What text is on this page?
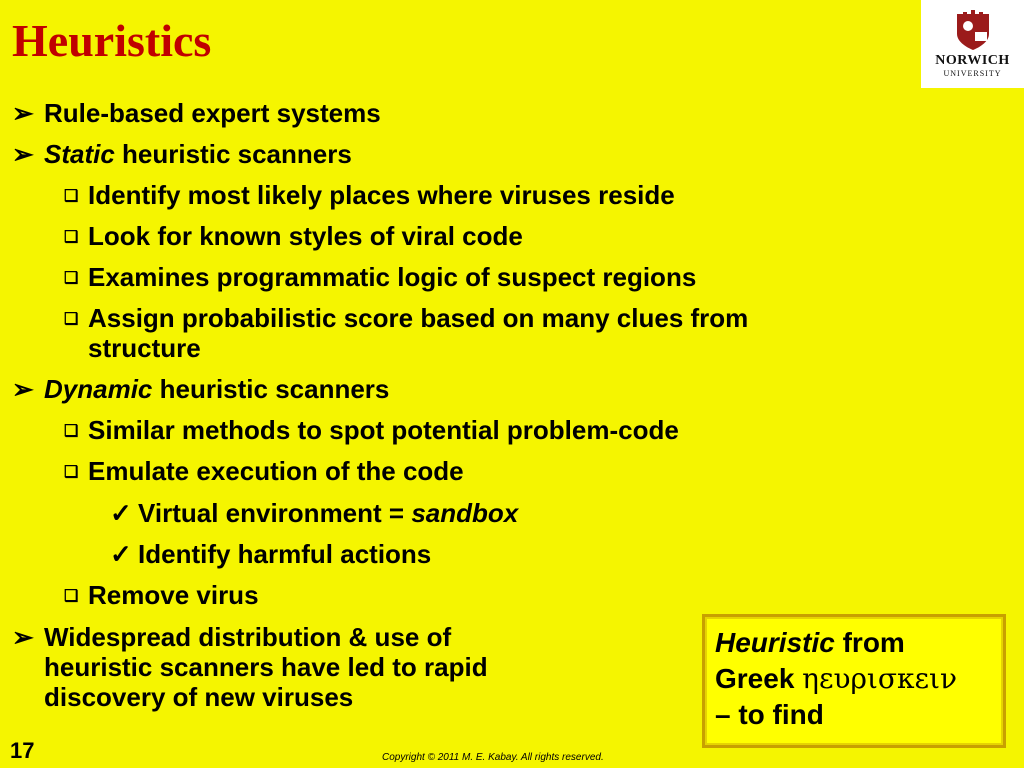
Heuristics	NORWICH
UNIVERSITY
➢ Rule-based expert systems
➢ Static heuristic scanners
❑ Identify most likely places where viruses reside
❑ Look for known styles of viral code
❑ Examines programmatic logic of suspect regions
❑ Assign probabilistic score based on many clues from
structure
➢ Dynamic heuristic scanners
❑ Similar methods to spot potential problem-code
❑ Emulate execution of the code
✓ Virtual environment = sandbox
✓ Identify harmful actions
❑ Remove virus
➢ Widespread distribution & use of
heuristic scanners have led to rapid
discovery of new viruses
Heuristic from
Greek ηευρισκειν
– to find
17	Copyright © 2011 M. E. Kabay. All rights reserved.
